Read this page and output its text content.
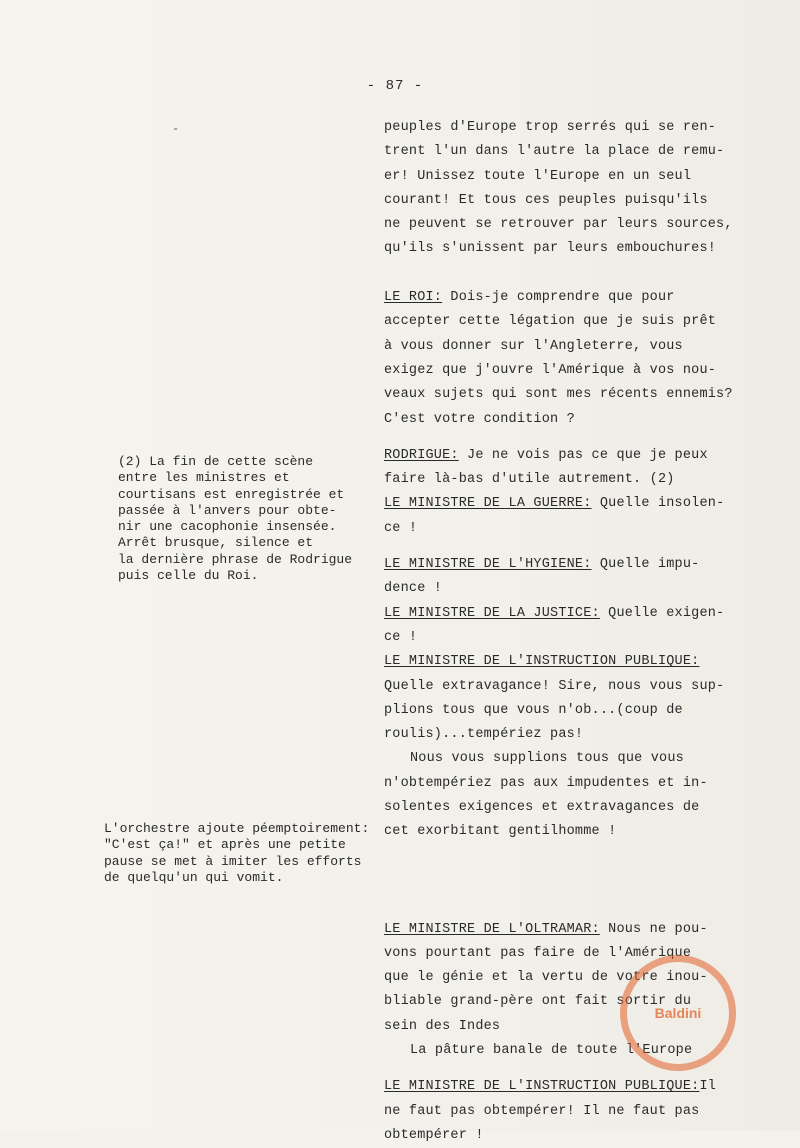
- 87 -
-	peuples d'Europe trop serrés qui se ren-
trent l'un dans l'autre la place de remu-
er! Unissez toute l'Europe en un seul
courant! Et tous ces peuples puisqu'ils
ne peuvent se retrouver par leurs sources,
qu'ils s'unissent par leurs embouchures!
LE ROI: Dois-je comprendre que pour
accepter cette légation que je suis prêt
à vous donner sur l'Angleterre, vous
exigez que j'ouvre l'Amérique à vos nou-
veaux sujets qui sont mes récents ennemis?
C'est votre condition ?
RODRIGUE: Je ne vois pas ce que je peux
faire là-bas d'utile autrement. (2)
LE MINISTRE DE LA GUERRE: Quelle insolen-
ce !
LE MINISTRE DE L'HYGIENE: Quelle impu-
dence !
LE MINISTRE DE LA JUSTICE: Quelle exigen-
ce !
LE MINISTRE DE L'INSTRUCTION PUBLIQUE:
Quelle extravagance! Sire, nous vous sup-
plions tous que vous n'ob...(coup de
roulis)...tempériez pas!
Nous vous supplions tous que vous
n'obtempériez pas aux impudentes et in-
solentes exigences et extravagances de
cet exorbitant gentilhomme !
LE MINISTRE DE L'OLTRAMAR: Nous ne pou-
vons pourtant pas faire de l'Amérique
que le génie et la vertu de votre inou-
bliable grand-père ont fait sortir du
sein des Indes
La pâture banale de toute l'Europe
LE MINISTRE DE L'INSTRUCTION PUBLIQUE:Il
ne faut pas obtempérer! Il ne faut pas
obtempérer !
(2) La fin de cette scène
entre les ministres et
courtisans est enregistrée et
passée à l'anvers pour obte-
nir une cacophonie insensée.
Arrêt brusque, silence et
la dernière phrase de Rodrigue
puis celle du Roi.
L'orchestre ajoute péemptoirement:
"C'est ça!" et après une petite
pause se met à imiter les efforts
de quelqu'un qui vomit.
Baldini
